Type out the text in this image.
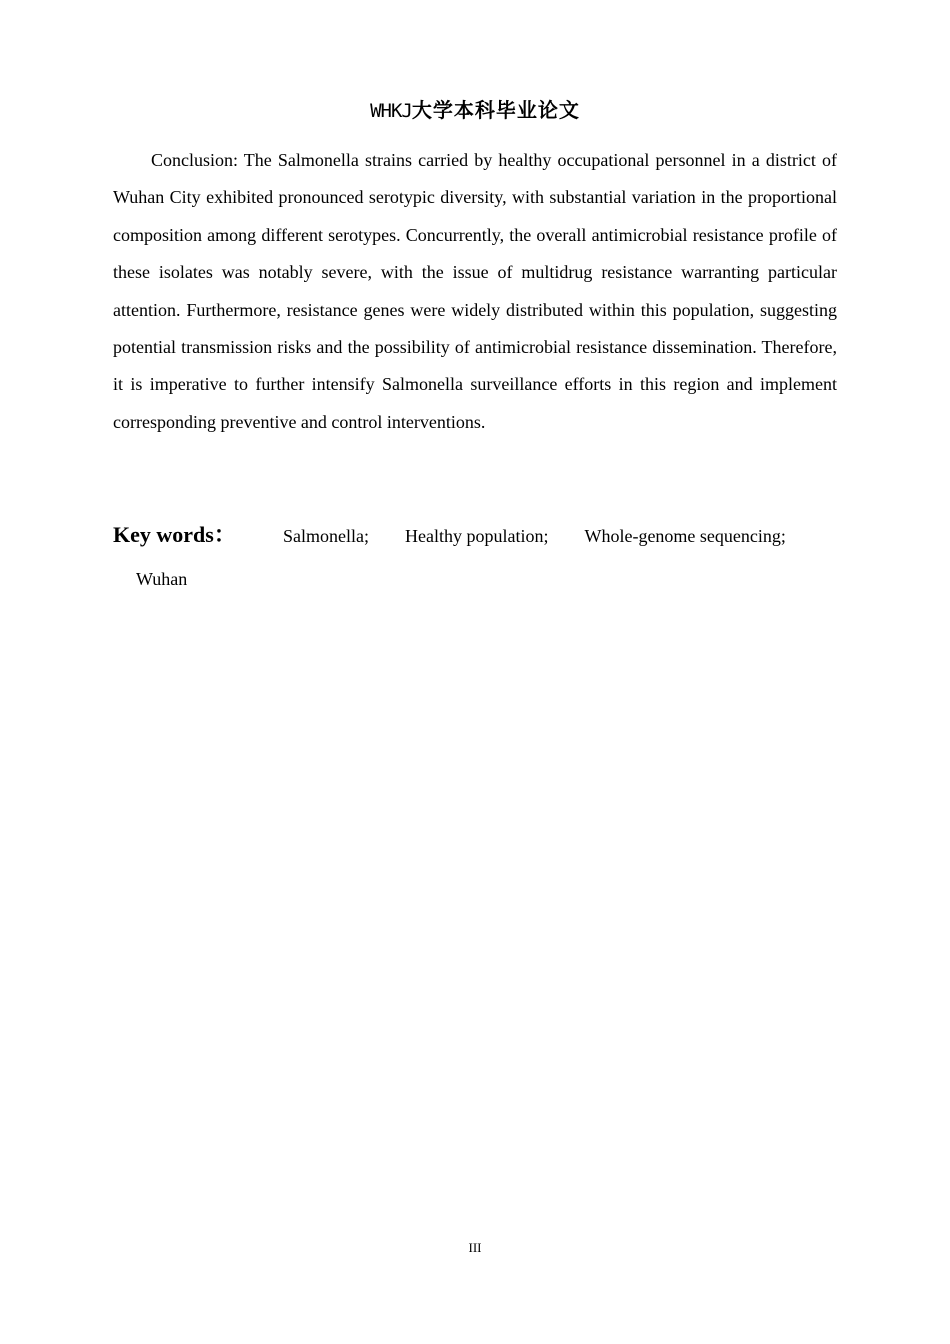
WHKJ大学本科毕业论文

Conclusion: The Salmonella strains carried by healthy occupational personnel in a district of Wuhan City exhibited pronounced serotypic diversity, with substantial variation in the proportional composition among different serotypes. Concurrently, the overall antimicrobial resistance profile of these isolates was notably severe, with the issue of multidrug resistance warranting particular attention. Furthermore, resistance genes were widely distributed within this population, suggesting potential transmission risks and the possibility of antimicrobial resistance dissemination. Therefore, it is imperative to further intensify Salmonella surveillance efforts in this region and implement corresponding preventive and control interventions.

Key words：	Salmonella; Healthy population; Whole-genome sequencing;
Wuhan
III
